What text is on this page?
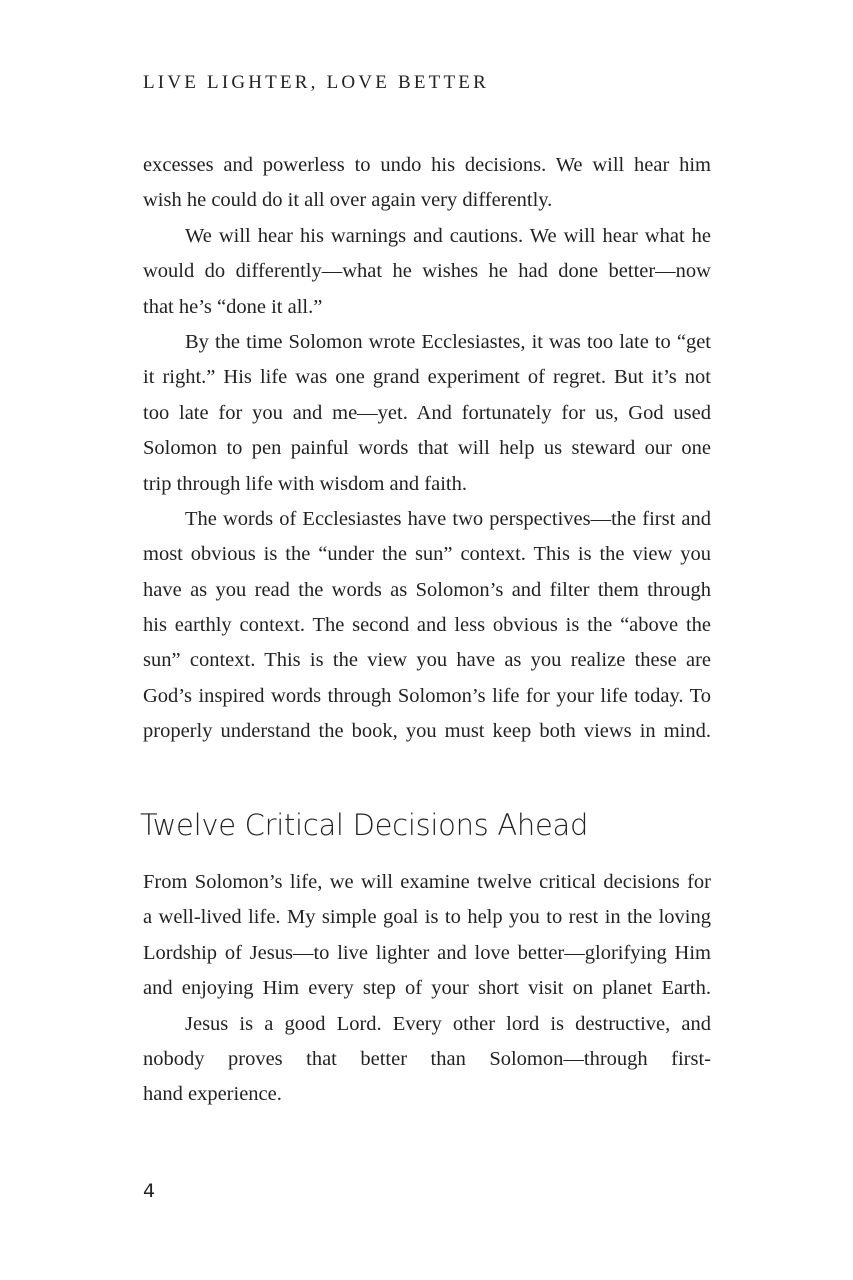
LIVE LIGHTER, LOVE BETTER
excesses and powerless to undo his decisions. We will hear him
wish he could do it all over again very differently.
We will hear his warnings and cautions. We will hear what he
would do differently—what he wishes he had done better—now
that he’s “done it all.”
By the time Solomon wrote Ecclesiastes, it was too late to “get
it right.” His life was one grand experiment of regret. But it’s not
too late for you and me—yet. And fortunately for us, God used
Solomon to pen painful words that will help us steward our one
trip through life with wisdom and faith.
The words of Ecclesiastes have two perspectives—the first and
most obvious is the “under the sun” context. This is the view you
have as you read the words as Solomon’s and filter them through
his earthly context. The second and less obvious is the “above the
sun” context. This is the view you have as you realize these are
God’s inspired words through Solomon’s life for your life today. To
properly understand the book, you must keep both views in mind.
Twelve Critical Decisions Ahead
From Solomon’s life, we will examine twelve critical decisions for
a well-lived life. My simple goal is to help you to rest in the loving
Lordship of Jesus—to live lighter and love better—glorifying Him
and enjoying Him every step of your short visit on planet Earth.
Jesus is a good Lord. Every other lord is destructive, and
nobody proves that better than Solomon—through first-
hand experience.
4
